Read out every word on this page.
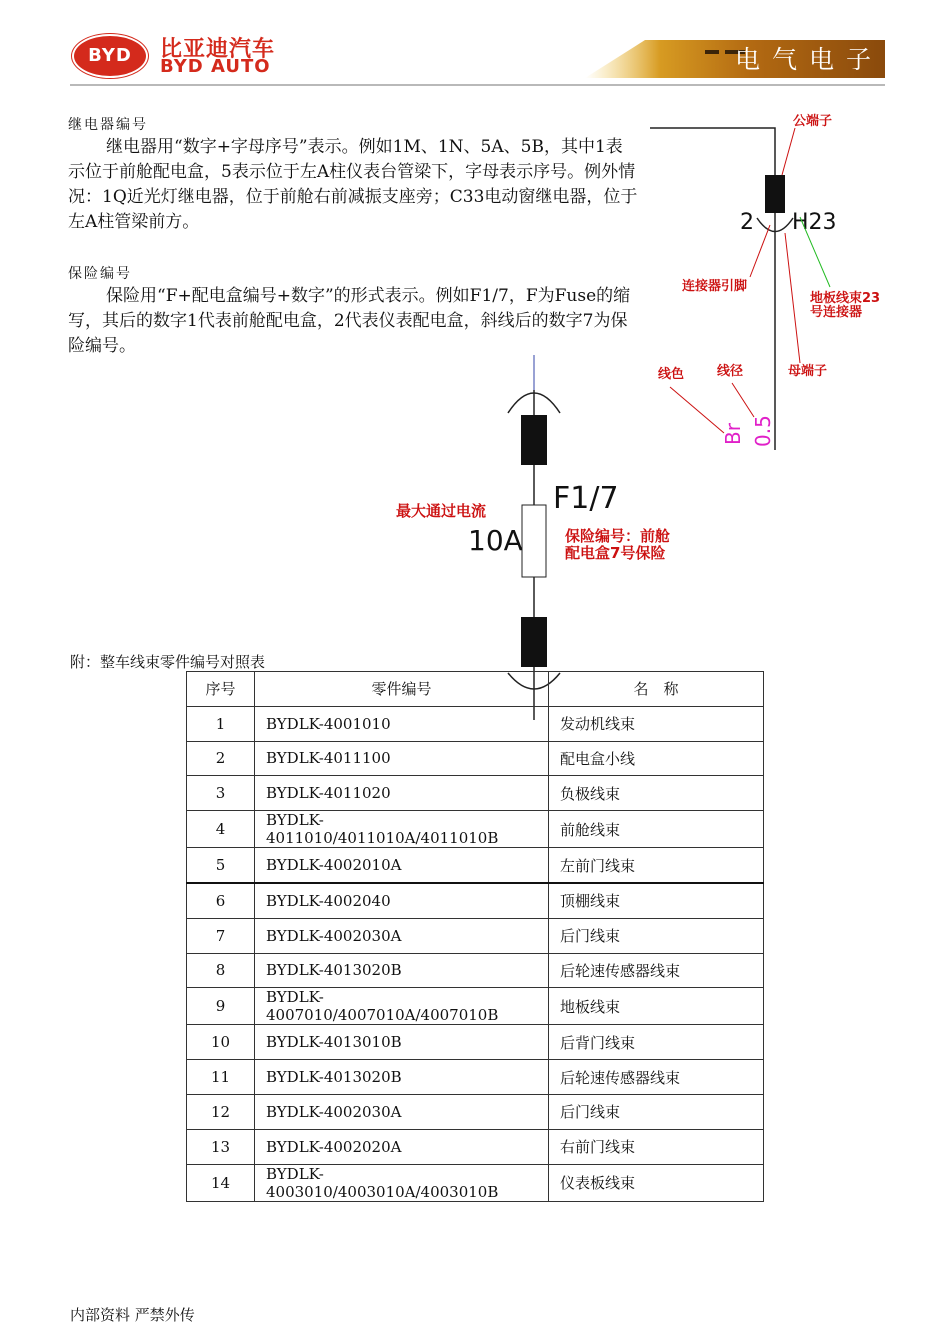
BYD	比亚迪汽车
BYD AUTO	电气电子
继电器编号
继电器用“数字+字母序号”表示。例如1M、1N、5A、5B，其中1表示位于前舱配电盒，5表示位于左A柱仪表台管梁下，字母表示序号。例外情况：1Q近光灯继电器，位于前舱右前减振支座旁；C33电动窗继电器，位于左A柱管梁前方。
保险编号
保险用“F+配电盒编号+数字”的形式表示。例如F1/7，F为Fuse的缩写，其后的数字1代表前舱配电盒，2代表仪表配电盒，斜线后的数字7为保险编号。
公端子
2 H23
连接器引脚
地板线束23
号连接器
母端子
线色	线径
Br 0.5
F1/7
最大通过电流
10A	保险编号：前舱
配电盒7号保险
附：整车线束零件编号对照表
序号	零件编号	名　称
1	BYDLK-4001010	发动机线束
2	BYDLK-4011100	配电盒小线
3	BYDLK-4011020	负极线束
4	BYDLK-4011010/4011010A/4011010B	前舱线束
5	BYDLK-4002010A	左前门线束
6	BYDLK-4002040	顶棚线束
7	BYDLK-4002030A	后门线束
8	BYDLK-4013020B	后轮速传感器线束
9	BYDLK-4007010/4007010A/4007010B	地板线束
10	BYDLK-4013010B	后背门线束
11	BYDLK-4013020B	后轮速传感器线束
12	BYDLK-4002030A	后门线束
13	BYDLK-4002020A	右前门线束
14	BYDLK-4003010/4003010A/4003010B	仪表板线束
内部资料 严禁外传
